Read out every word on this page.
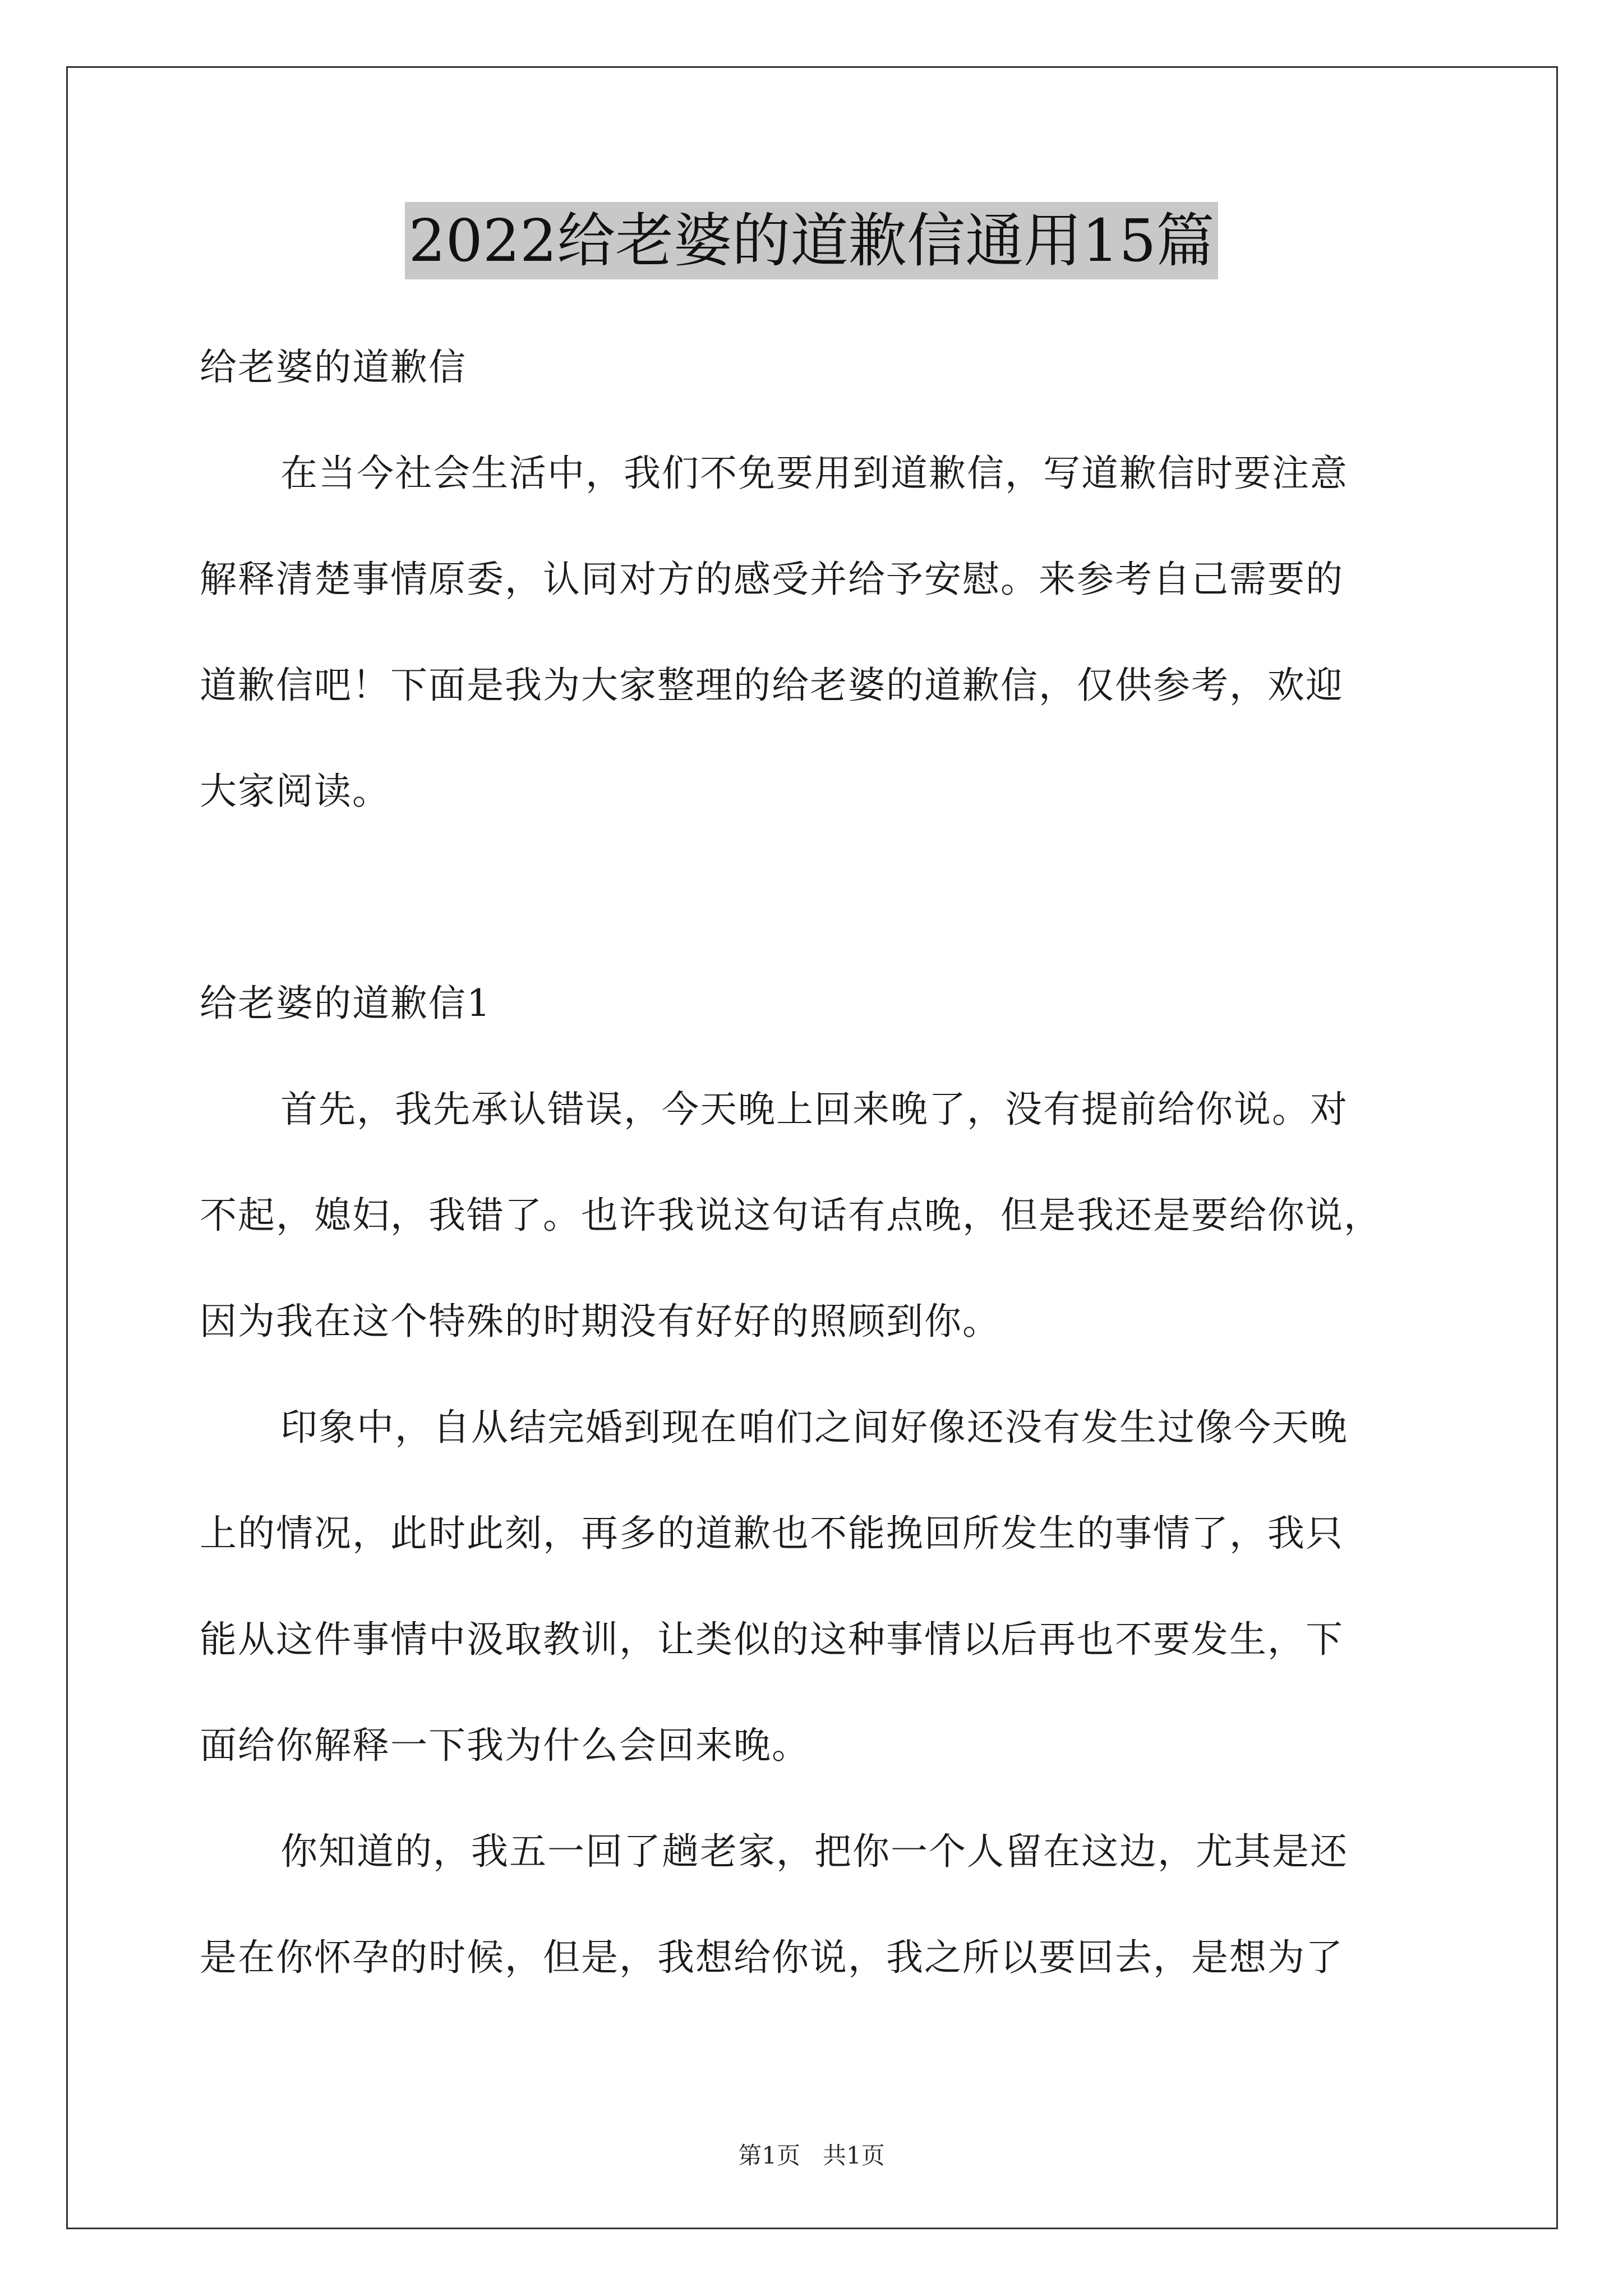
2022给老婆的道歉信通用15篇
给老婆的道歉信
在当今社会生活中，我们不免要用到道歉信，写道歉信时要注意
解释清楚事情原委，认同对方的感受并给予安慰。来参考自己需要的
道歉信吧！下面是我为大家整理的给老婆的道歉信，仅供参考，欢迎
大家阅读。
给老婆的道歉信1
首先，我先承认错误，今天晚上回来晚了，没有提前给你说。对
不起，媳妇，我错了。也许我说这句话有点晚，但是我还是要给你说，
因为我在这个特殊的时期没有好好的照顾到你。
印象中，自从结完婚到现在咱们之间好像还没有发生过像今天晚
上的情况，此时此刻，再多的道歉也不能挽回所发生的事情了，我只
能从这件事情中汲取教训，让类似的这种事情以后再也不要发生，下
面给你解释一下我为什么会回来晚。
你知道的，我五一回了趟老家，把你一个人留在这边，尤其是还
是在你怀孕的时候，但是，我想给你说，我之所以要回去，是想为了
第1页 共1页
